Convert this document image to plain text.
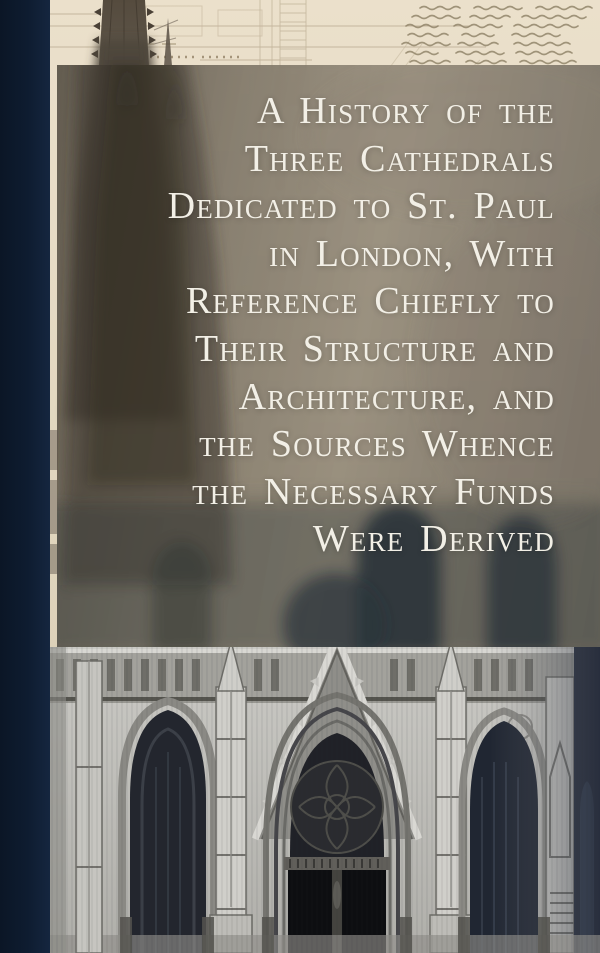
A History of the
Three Cathedrals
Dedicated to St. Paul
in London, With
Reference Chiefly to
Their Structure and
Architecture, and
the Sources Whence
the Necessary Funds
Were Derived
